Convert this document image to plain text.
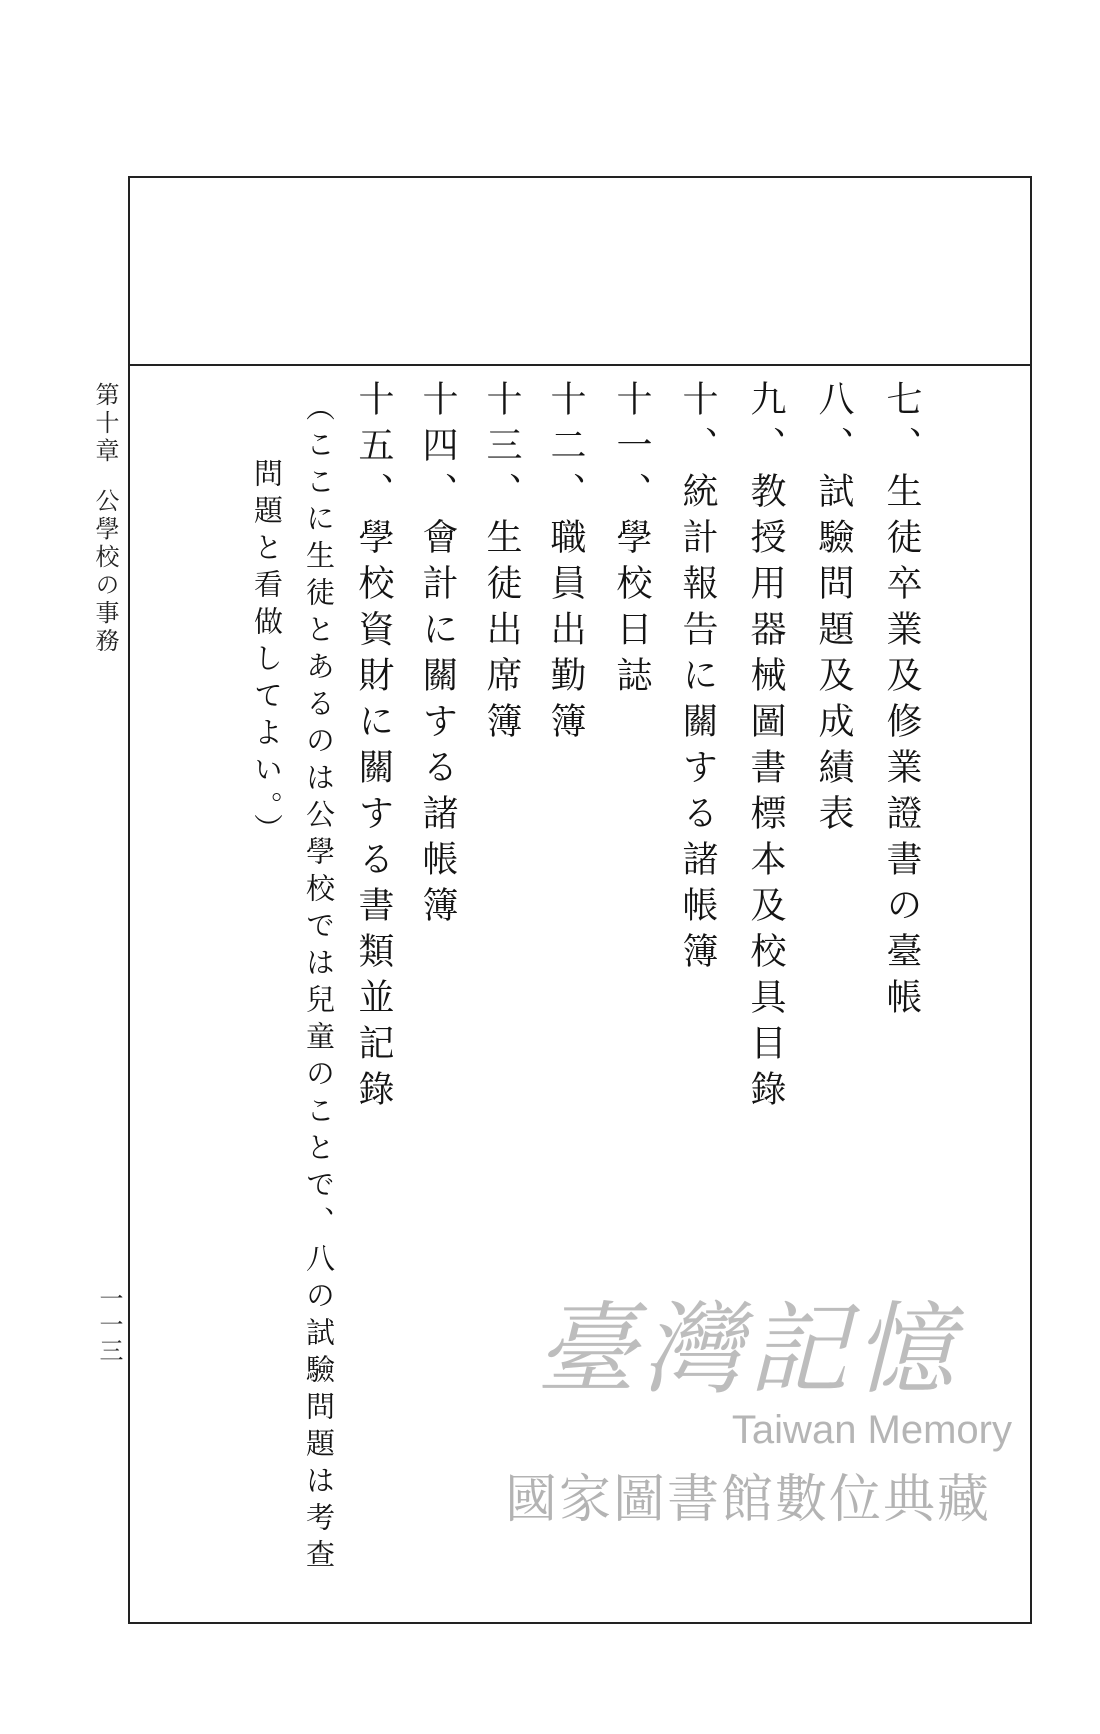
第十章公學校の事務
一一三
七、生徒卒業及修業證書の臺帳
八、試驗問題及成績表
九、教授用器械圖書標本及校具目錄
十、統計報告に關する諸帳簿
十一、學校日誌
十二、職員出勤簿
十三、生徒出席簿
十四、會計に關する諸帳簿
十五、學校資財に關する書類並記錄
（ここに生徒とあるのは公學校では兒童のことで、八の試驗問題は考查
問題と看做してよい。）
臺灣記憶
Taiwan Memory
國家圖書館數位典藏
